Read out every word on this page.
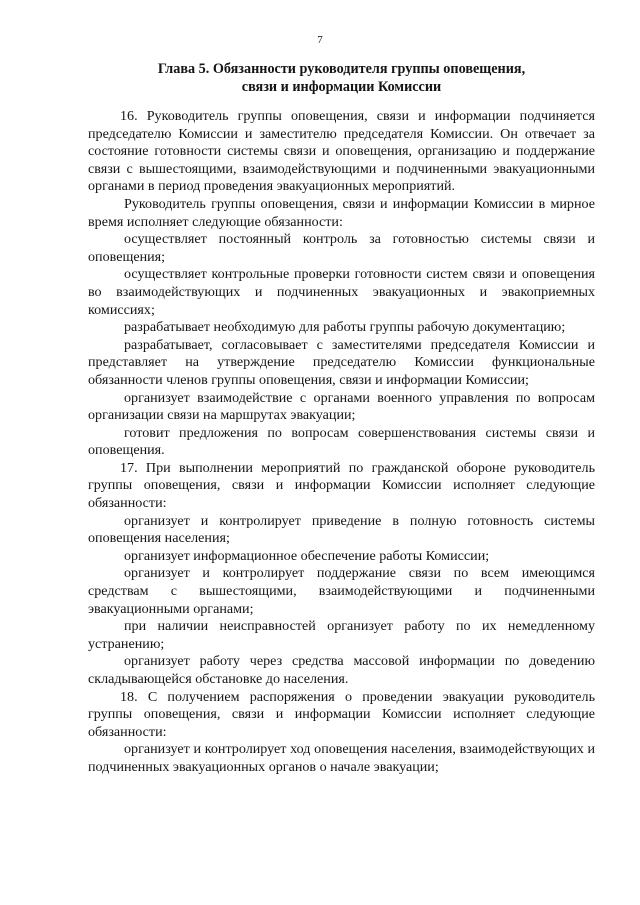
7
Глава 5. Обязанности руководителя группы оповещения,
связи и информации Комиссии

16. Руководитель группы оповещения, связи и информации подчиняется председателю Комиссии и заместителю председателя Комиссии. Он отвечает за состояние готовности системы связи и оповещения, организацию и поддержание связи с вышестоящими, взаимодействующими и подчиненными эвакуационными органами в период проведения эвакуационных мероприятий.

Руководитель группы оповещения, связи и информации Комиссии в мирное время исполняет следующие обязанности:

осуществляет постоянный контроль за готовностью системы связи и оповещения;

осуществляет контрольные проверки готовности систем связи и оповещения во взаимодействующих и подчиненных эвакуационных и эвакоприемных комиссиях;

разрабатывает необходимую для работы группы рабочую документацию;

разрабатывает, согласовывает с заместителями председателя Комиссии и представляет на утверждение председателю Комиссии функциональные обязанности членов группы оповещения, связи и информации Комиссии;

организует взаимодействие с органами военного управления по вопросам организации связи на маршрутах эвакуации;

готовит предложения по вопросам совершенствования системы связи и оповещения.

17. При выполнении мероприятий по гражданской обороне руководитель группы оповещения, связи и информации Комиссии исполняет следующие обязанности:

организует и контролирует приведение в полную готовность системы оповещения населения;

организует информационное обеспечение работы Комиссии;

организует и контролирует поддержание связи по всем имеющимся средствам с вышестоящими, взаимодействующими и подчиненными эвакуационными органами;

при наличии неисправностей организует работу по их немедленному устранению;

организует работу через средства массовой информации по доведению складывающейся обстановке до населения.

18. С получением распоряжения о проведении эвакуации руководитель группы оповещения, связи и информации Комиссии исполняет следующие обязанности:

организует и контролирует ход оповещения населения, взаимодействующих и подчиненных эвакуационных органов о начале эвакуации;
